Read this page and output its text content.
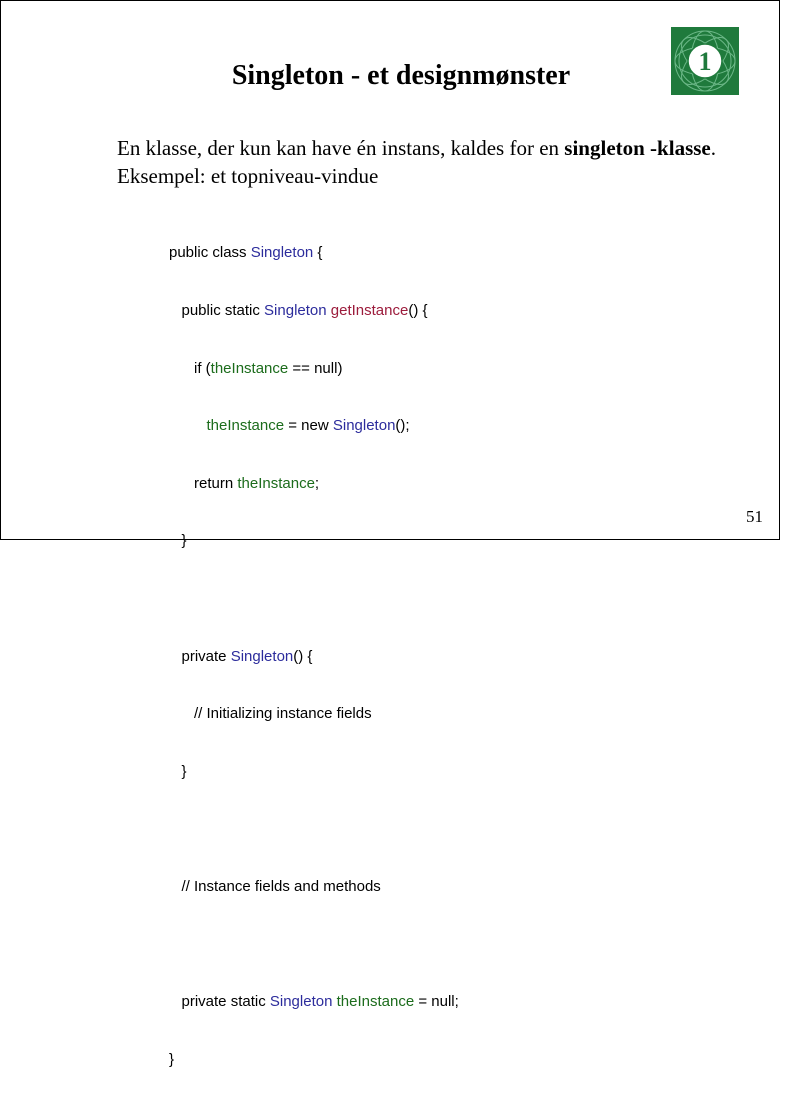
Singleton - et designmønster	1
En klasse, der kun kan have én instans, kaldes for en singleton -klasse. Eksempel: et topniveau-vindue

public class Singleton {

public static Singleton getInstance() {

if (theInstance == null)

theInstance = new Singleton();

return theInstance;

}

private Singleton() {

// Initializing instance fields

}

// Instance fields and methods

private static Singleton theInstance = null;

}

51
